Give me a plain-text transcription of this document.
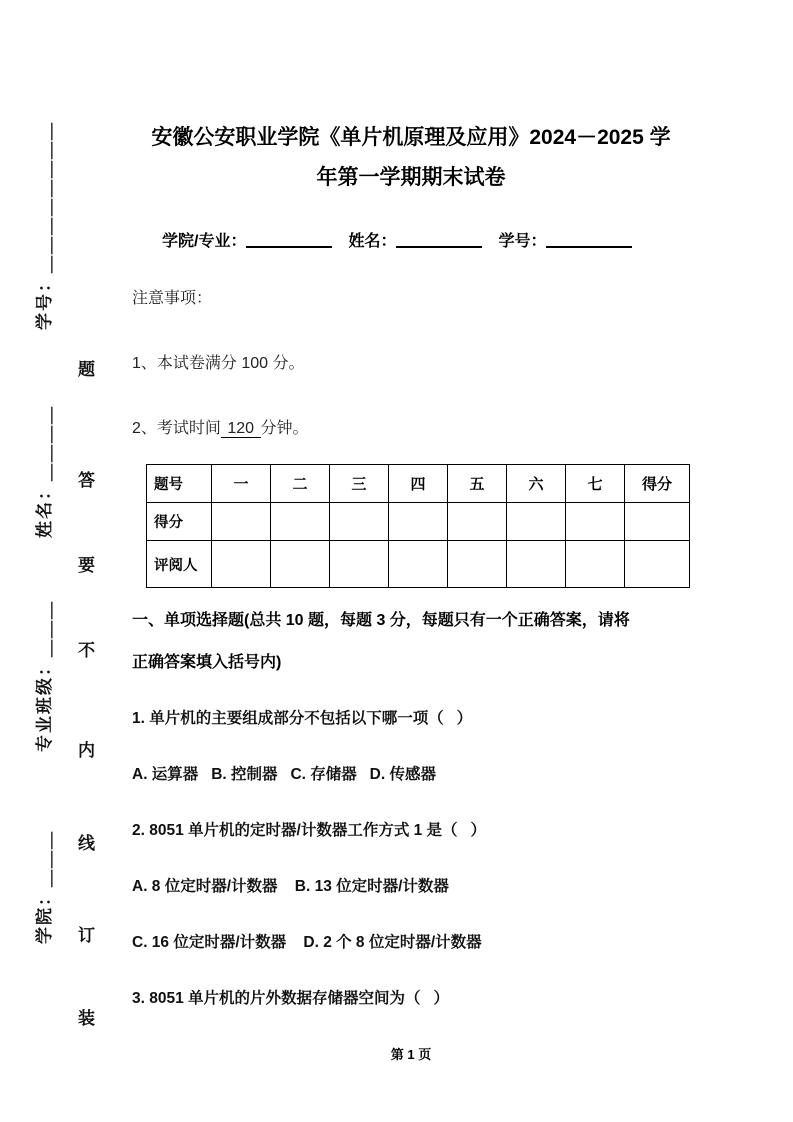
学号：＿＿＿＿＿＿＿＿
姓名：＿＿＿＿
专业班级：＿＿＿
学院：＿＿＿
题
答
要
不
内
线
订
装
安徽公安职业学院《单片机原理及应用》2024－2025 学
年第一学期期末试卷
学院/专业：	姓名：	学号：
注意事项：
1、本试卷满分 100 分。
2、考试时间 120 分钟。
题号	一	二	三	四	五	六	七	得分
得分								
评阅人								
一、单项选择题(总共 10 题，每题 3 分，每题只有一个正确答案，请将
正确答案填入括号内)
1. 单片机的主要组成部分不包括以下哪一项（   ）
A. 运算器   B. 控制器   C. 存储器   D. 传感器
2. 8051 单片机的定时器/计数器工作方式 1 是（   ）
A. 8 位定时器/计数器    B. 13 位定时器/计数器
C. 16 位定时器/计数器    D. 2 个 8 位定时器/计数器
3. 8051 单片机的片外数据存储器空间为（   ）
第 1 页
